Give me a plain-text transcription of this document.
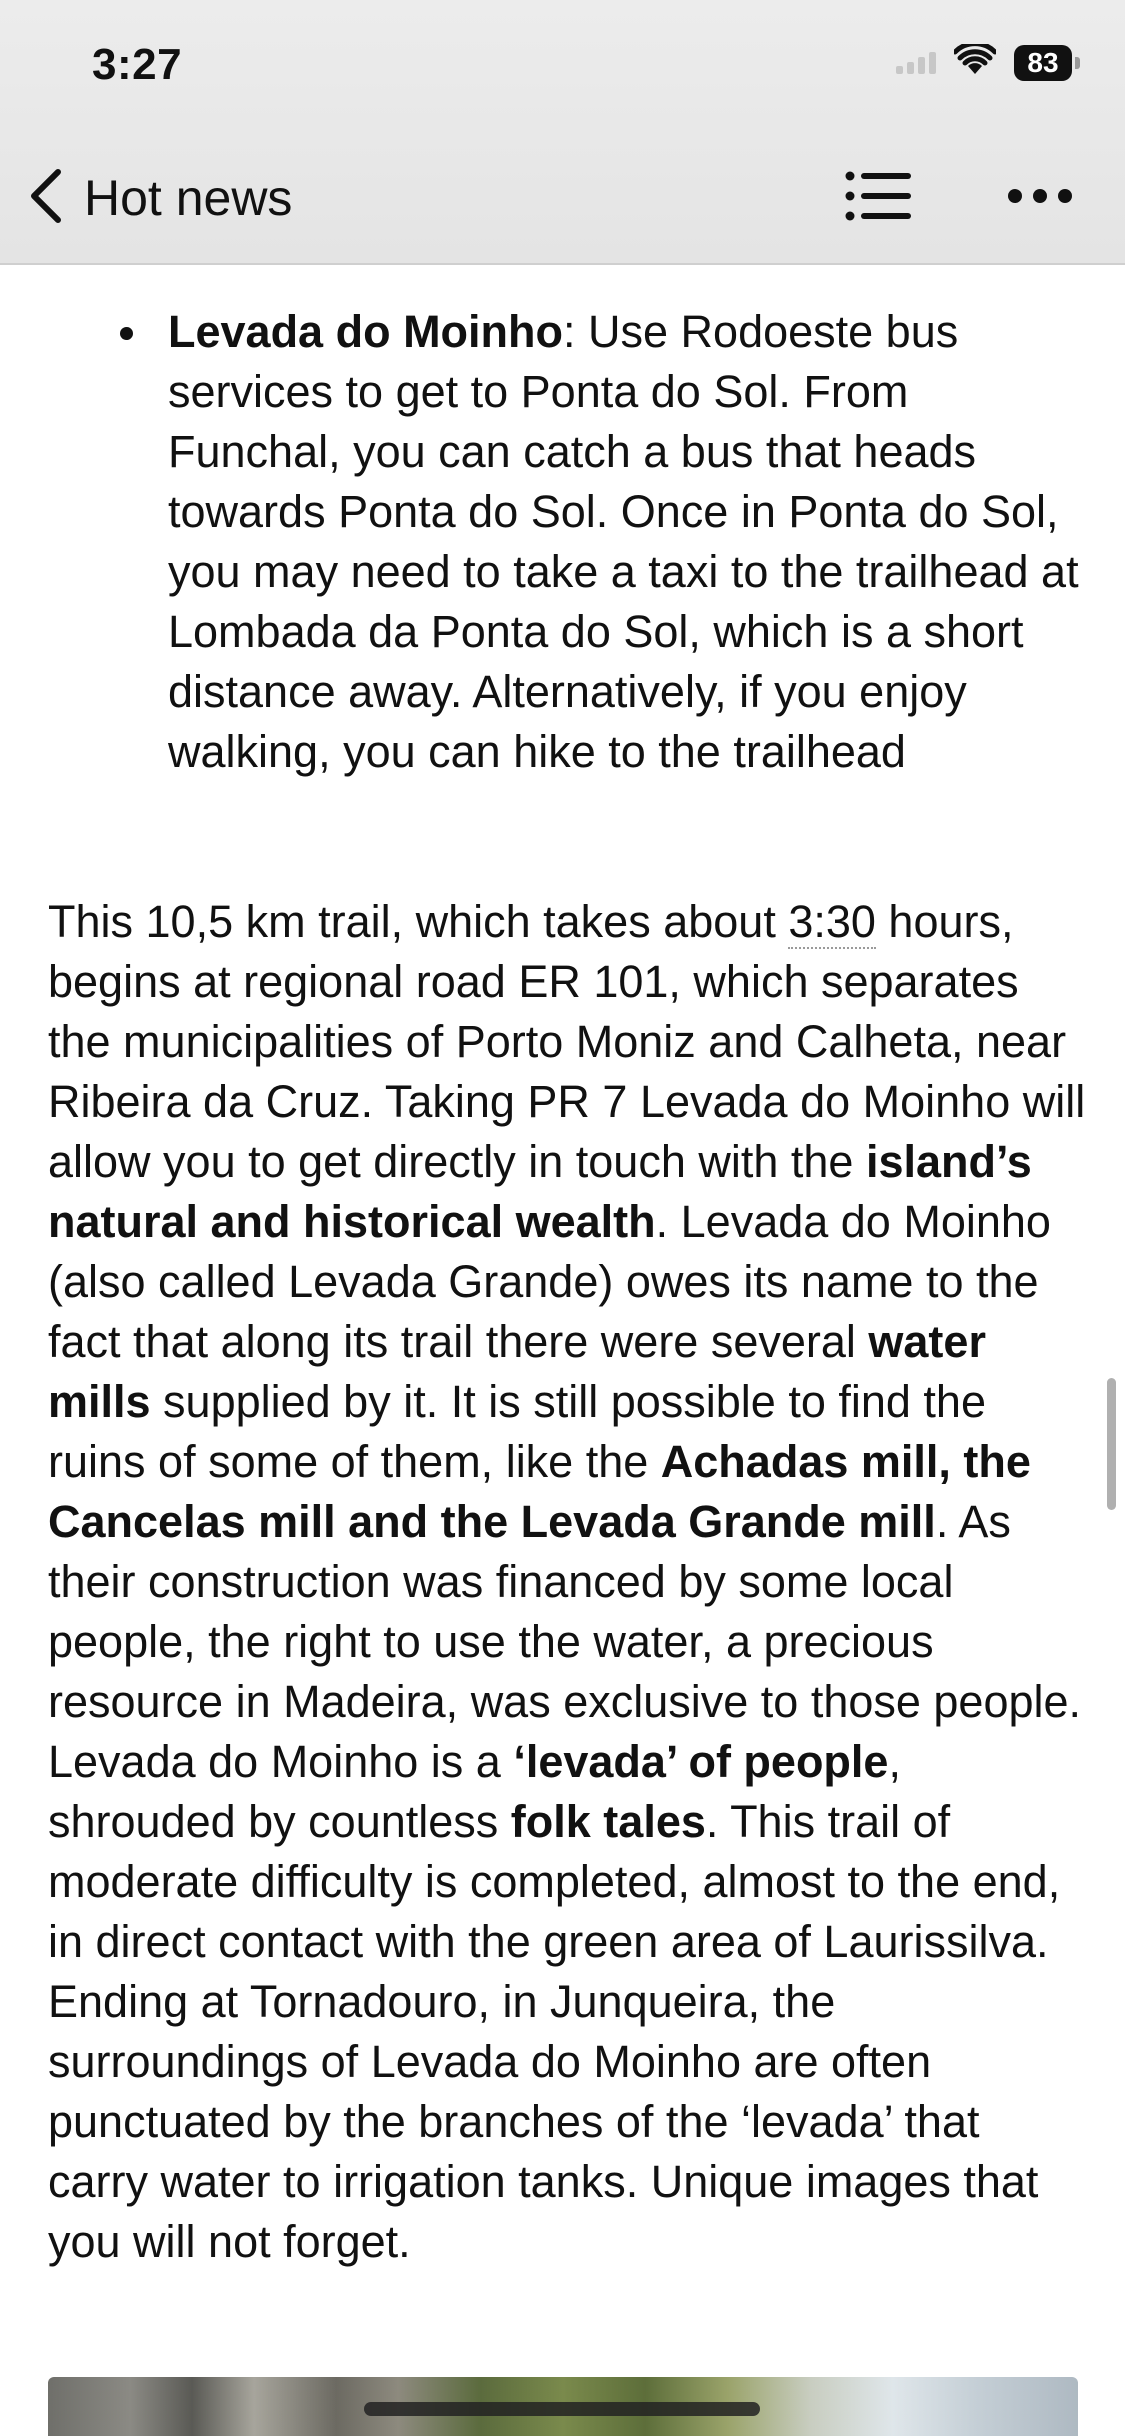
3:27	83
Hot news
Levada do Moinho: Use Rodoeste bus services to get to Ponta do Sol. From Funchal, you can catch a bus that heads towards Ponta do Sol. Once in Ponta do Sol, you may need to take a taxi to the trailhead at Lombada da Ponta do Sol, which is a short distance away. Alternatively, if you enjoy walking, you can hike to the trailhead

This 10,5 km trail, which takes about 3:30 hours, begins at regional road ER 101, which separates the municipalities of Porto Moniz and Calheta, near Ribeira da Cruz. Taking PR 7 Levada do Moinho will allow you to get directly in touch with the island’s natural and historical wealth. Levada do Moinho (also called Levada Grande) owes its name to the fact that along its trail there were several water mills supplied by it. It is still possible to find the ruins of some of them, like the Achadas mill, the Cancelas mill and the Levada Grande mill. As their construction was financed by some local people, the right to use the water, a precious resource in Madeira, was exclusive to those people. Levada do Moinho is a ‘levada’ of people, shrouded by countless folk tales. This trail of moderate difficulty is completed, almost to the end, in direct contact with the green area of Laurissilva. Ending at Tornadouro, in Junqueira, the surroundings of Levada do Moinho are often punctuated by the branches of the ‘levada’ that carry water to irrigation tanks. Unique images that you will not forget.
